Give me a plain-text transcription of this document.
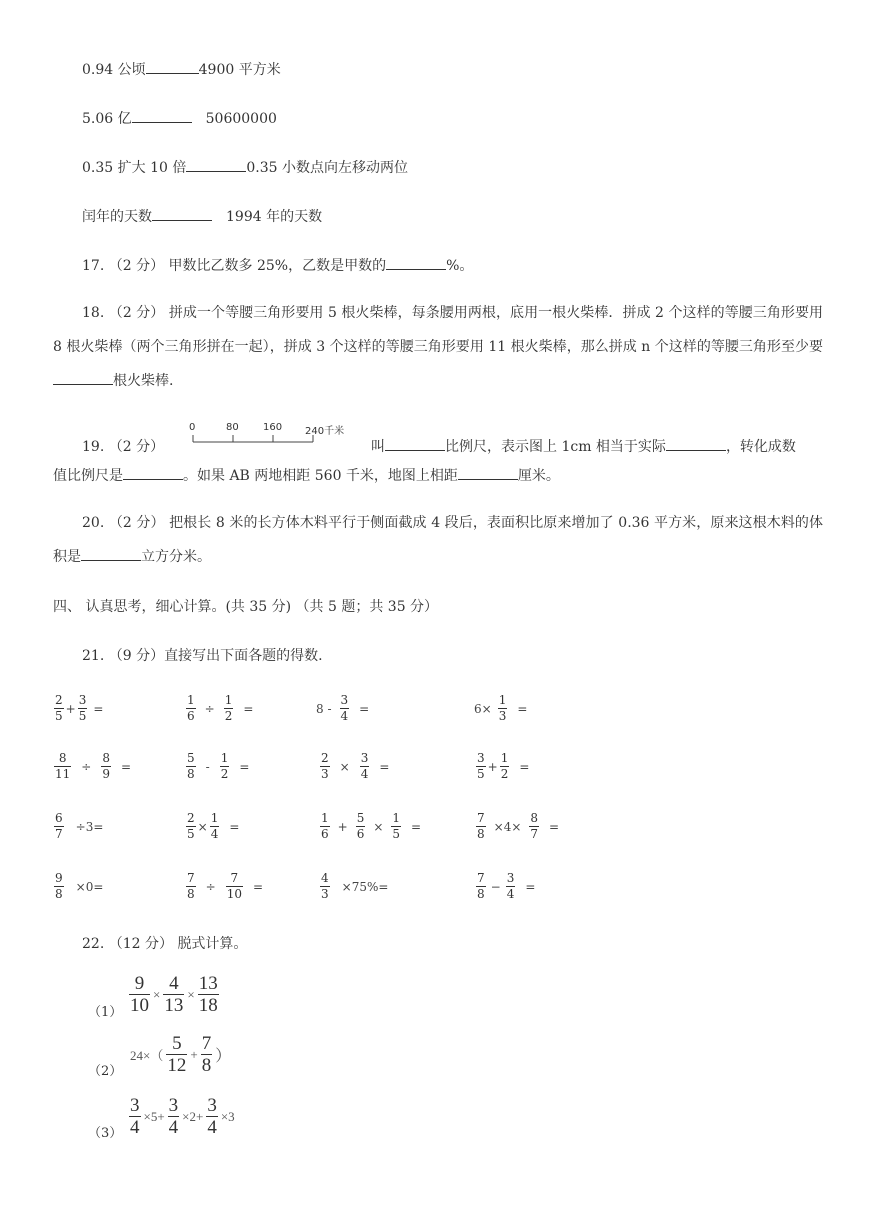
0.94 公顷	4900 平方米
5.06 亿	50600000
0.35 扩大 10 倍	0.35 小数点向左移动两位
闰年的天数	1994 年的天数
17. （2 分） 甲数比乙数多 25%，乙数是甲数的	%。
18. （2 分） 拼成一个等腰三角形要用 5 根火柴棒，每条腰用两根，底用一根火柴棒．拼成 2 个这样的等腰三角形要用 8 根火柴棒（两个三角形拼在一起），拼成 3 个这样的等腰三角形要用 11 根火柴棒，那么拼成 n 个这样的等腰三角形至少要根火柴棒.
19. （2 分）
0	80 160 240千米
叫	比例尺，表示图上 1cm 相当于实际	，转化成数
值比例尺是	。如果 AB 两地相距 560 千米，地图上相距	厘米。
20. （2 分） 把根长 8 米的长方体木料平行于侧面截成 4 段后，表面积比原来增加了 0.36 平方米，原来这根木料的体积是	立方分米。
四、 认真思考，细心计算。(共 35 分) （共 5 题；共 35 分）
21. （9 分）直接写出下面各题的得数.
$\frac{2}{5} + \frac{3}{5}$ =	$\frac{1}{6} \div \frac{1}{2}$ =	$8 - \frac{3}{4}$ =	$6\times \frac{1}{3}$ =
$\frac{8}{11} \div \frac{8}{9}$ =	$\frac{5}{8} - \frac{1}{2}$ =	$\frac{2}{3} \times \frac{3}{4}$ =	$\frac{3}{5} + \frac{1}{2}$ =
$\frac{6}{7} \div 3=$	$\frac{2}{5} \times \frac{1}{4}$ =	$\frac{1}{6} + \frac{5}{6} \times \frac{1}{5}$ =	$\frac{7}{8} \times 4\times \frac{8}{7}$ =
$\frac{9}{8} \times 0=$	$\frac{7}{8} \div \frac{7}{10}$ =	$\frac{4}{3} \times 75\%=$	$\frac{7}{8} - \frac{3}{4}$ =
22. （12 分） 脱式计算。
$(1) \frac{9}{10} \times \frac{4}{13} \times \frac{13}{18}$
（2）
$24\times( \frac{5}{12} + \frac{7}{8}$ ）
$(3) \frac{3}{4} \times 5+ \frac{3}{4} \times 2+ \frac{3}{4} \times 3$
